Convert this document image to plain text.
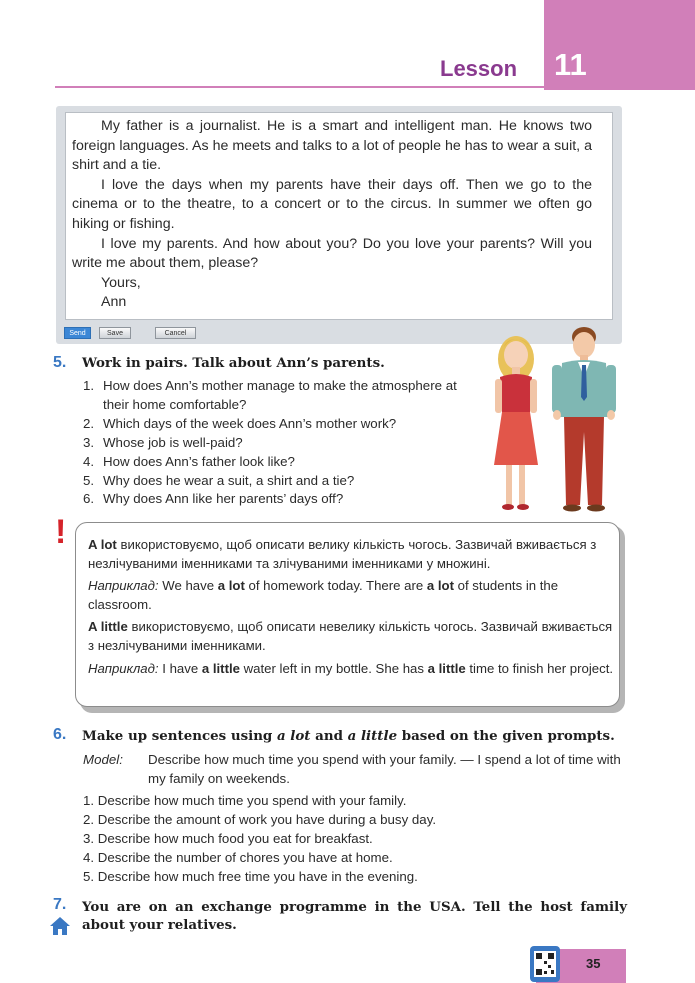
11
Lesson

My father is a journalist. He is a smart and intelligent man. He knows two foreign languages. As he meets and talks to a lot of people he has to wear a suit, a shirt and a tie.

I love the days when my parents have their days off. Then we go to the cinema or to the theatre, to a concert or to the circus. In summer we often go hiking or fishing.

I love my parents. And how about you? Do you love your parents? Will you write me about them, please?

Yours,
Ann
Send	Save	Cancel
5. Work in pairs. Talk about Ann’s parents.
1. How does Ann’s mother manage to make the atmosphere at their home comfortable?
2. Which days of the week does Ann’s mother work?
3. Whose job is well-paid?
4. How does Ann’s father look like?
5. Why does he wear a suit, a shirt and a tie?
6. Why does Ann like her parents’ days off?
! A lot використовуємо, щоб описати велику кількість чогось. Зазвичай вживається з незлічуваними іменниками та злічуваними іменниками у множині.

Наприклад: We have a lot of homework today. There are a lot of students in the classroom.

A little використовуємо, щоб описати невелику кількість чогось. Зазвичай вживається з незлічуваними іменниками.

Наприклад: I have a little water left in my bottle. She has a little time to finish her project.

6. Make up sentences using a lot and a little based on the given prompts.
Model:	Describe how much time you spend with your family. — I spend a lot of time with my family on weekends.
1. Describe how much time you spend with your family.
2. Describe the amount of work you have during a busy day.
3. Describe how much food you eat for breakfast.
4. Describe the number of chores you have at home.
5. Describe how much free time you have in the evening.
7. You are on an exchange programme in the USA. Tell the host family about your relatives.
35
